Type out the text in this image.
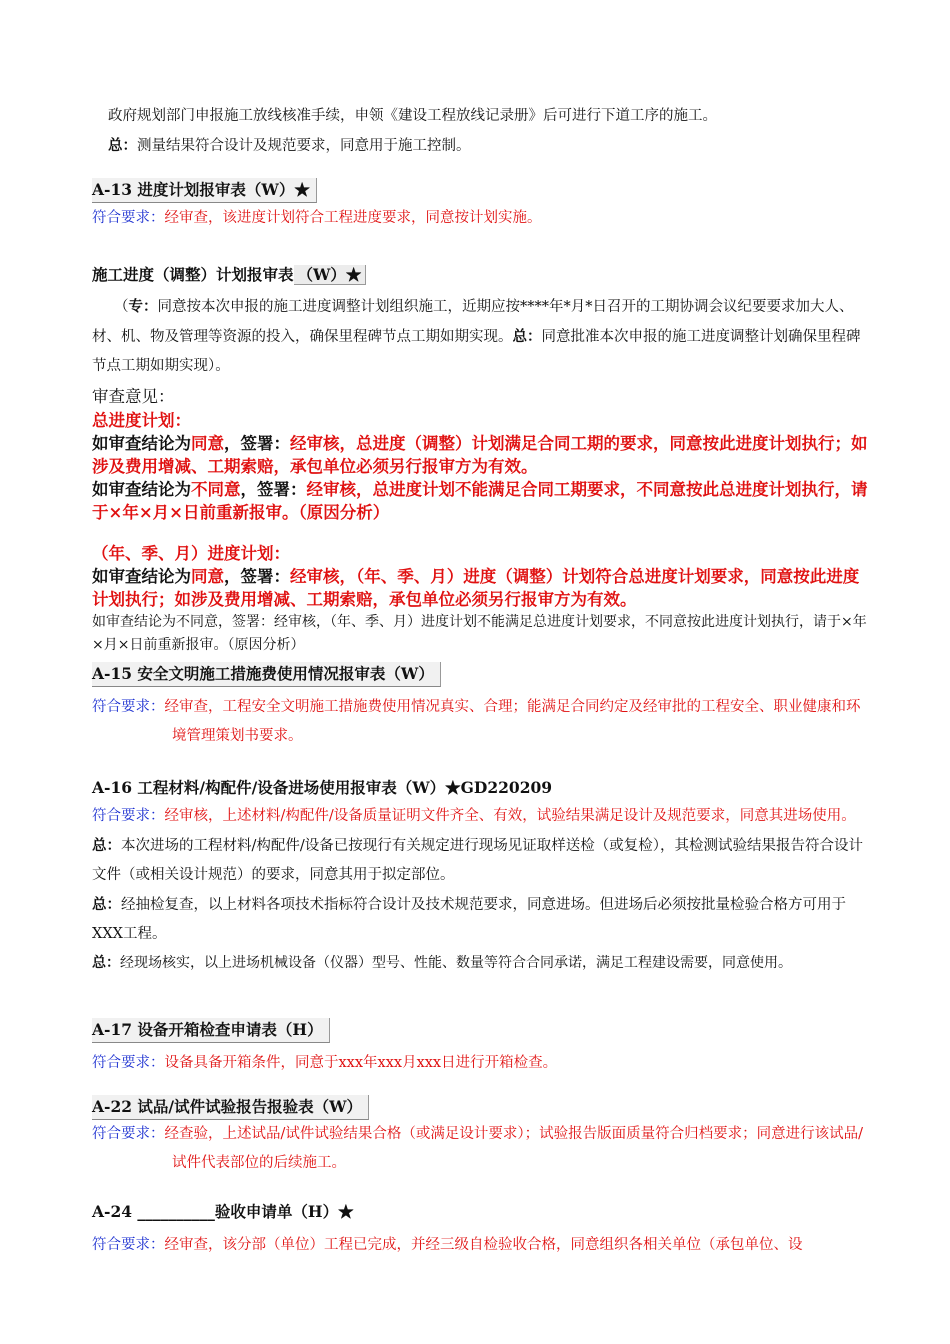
政府规划部门申报施工放线核准手续，申领《建设工程放线记录册》后可进行下道工序的施工。

总：测量结果符合设计及规范要求，同意用于施工控制。

A-13 进度计划报审表（W）★

符合要求：经审查，该进度计划符合工程进度要求，同意按计划实施。

施工进度（调整）计划报审表 （W）★

（专：同意按本次申报的施工进度调整计划组织施工，近期应按****年*月*日召开的工期协调会议纪要要求加大人、材、机、物及管理等资源的投入，确保里程碑节点工期如期实现。总：同意批准本次申报的施工进度调整计划确保里程碑节点工期如期实现）。

审查意见：

总进度计划：

如审查结论为同意，签署：经审核，总进度（调整）计划满足合同工期的要求，同意按此进度计划执行；如涉及费用增减、工期索赔，承包单位必须另行报审方为有效。

如审查结论为不同意，签署：经审核，总进度计划不能满足合同工期要求，不同意按此总进度计划执行，请于×年×月×日前重新报审。（原因分析）

（年、季、月）进度计划：

如审查结论为同意，签署：经审核，（年、季、月）进度（调整）计划符合总进度计划要求，同意按此进度计划执行；如涉及费用增减、工期索赔，承包单位必须另行报审方为有效。

如审查结论为不同意，签署：经审核，（年、季、月）进度计划不能满足总进度计划要求，不同意按此进度计划执行，请于×年×月×日前重新报审。（原因分析）

A-15 安全文明施工措施费使用情况报审表（W）

符合要求：经审查，工程安全文明施工措施费使用情况真实、合理；能满足合同约定及经审批的工程安全、职业健康和环境管理策划书要求。

A-16 工程材料/构配件/设备进场使用报审表（W）★GD220209

符合要求：经审核，上述材料/构配件/设备质量证明文件齐全、有效，试验结果满足设计及规范要求，同意其进场使用。

总：本次进场的工程材料/构配件/设备已按现行有关规定进行现场见证取样送检（或复检），其检测试验结果报告符合设计文件（或相关设计规范）的要求，同意其用于拟定部位。

总：经抽检复查，以上材料各项技术指标符合设计及技术规范要求，同意进场。但进场后必须按批量检验合格方可用于XXX工程。

总：经现场核实，以上进场机械设备（仪器）型号、性能、数量等符合合同承诺，满足工程建设需要，同意使用。

A-17 设备开箱检查申请表（H）

符合要求：设备具备开箱条件，同意于xxx年xxx月xxx日进行开箱检查。

A-22 试品/试件试验报告报验表（W）

符合要求：经查验，上述试品/试件试验结果合格（或满足设计要求）；试验报告版面质量符合归档要求；同意进行该试品/试件代表部位的后续施工。

A-24 __________验收申请单（H）★

符合要求：经审查，该分部（单位）工程已完成，并经三级自检验收合格，同意组织各相关单位（承包单位、设
